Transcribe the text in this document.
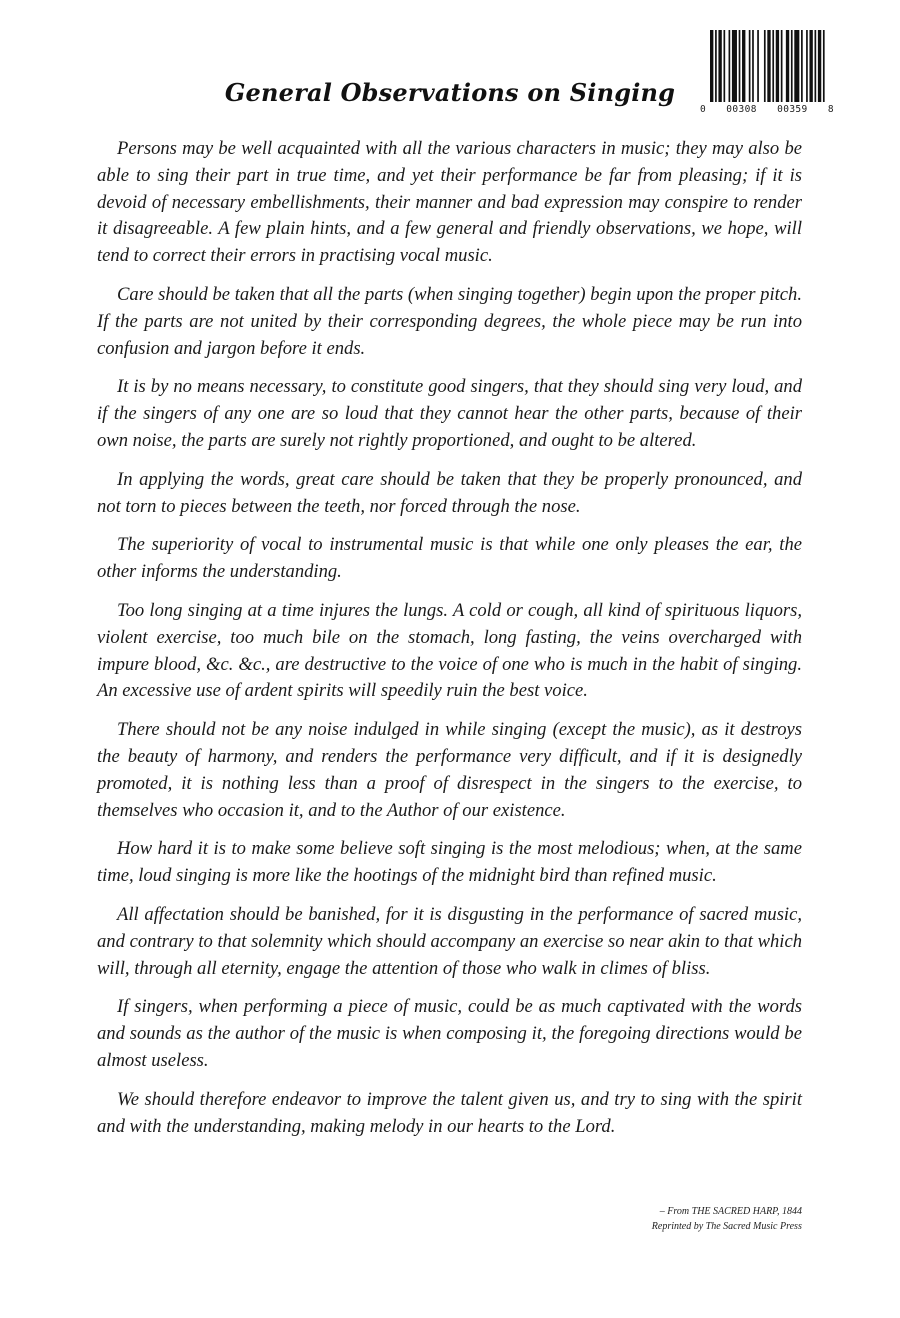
0 00308 00359 8
General Observations on Singing

Persons may be well acquainted with all the various characters in music; they may also be able to sing their part in true time, and yet their performance be far from pleasing; if it is devoid of necessary embellishments, their manner and bad expression may conspire to render it disagreeable. A few plain hints, and a few general and friendly observations, we hope, will tend to correct their errors in practising vocal music.

Care should be taken that all the parts (when singing together) begin upon the proper pitch. If the parts are not united by their corresponding degrees, the whole piece may be run into confusion and jargon before it ends.

It is by no means necessary, to constitute good singers, that they should sing very loud, and if the singers of any one are so loud that they cannot hear the other parts, because of their own noise, the parts are surely not rightly proportioned, and ought to be altered.

In applying the words, great care should be taken that they be properly pronounced, and not torn to pieces between the teeth, nor forced through the nose.

The superiority of vocal to instrumental music is that while one only pleases the ear, the other informs the understanding.

Too long singing at a time injures the lungs. A cold or cough, all kind of spirituous liquors, violent exercise, too much bile on the stomach, long fasting, the veins overcharged with impure blood, &c. &c., are destructive to the voice of one who is much in the habit of singing. An excessive use of ardent spirits will speedily ruin the best voice.

There should not be any noise indulged in while singing (except the music), as it destroys the beauty of harmony, and renders the performance very difficult, and if it is designedly promoted, it is nothing less than a proof of disrespect in the singers to the exercise, to themselves who occasion it, and to the Author of our existence.

How hard it is to make some believe soft singing is the most melodious; when, at the same time, loud singing is more like the hootings of the midnight bird than refined music.

All affectation should be banished, for it is disgusting in the performance of sacred music, and contrary to that solemnity which should accompany an exercise so near akin to that which will, through all eternity, engage the attention of those who walk in climes of bliss.

If singers, when performing a piece of music, could be as much captivated with the words and sounds as the author of the music is when composing it, the foregoing directions would be almost useless.

We should therefore endeavor to improve the talent given us, and try to sing with the spirit and with the understanding, making melody in our hearts to the Lord.

– From THE SACRED HARP, 1844
Reprinted by The Sacred Music Press
